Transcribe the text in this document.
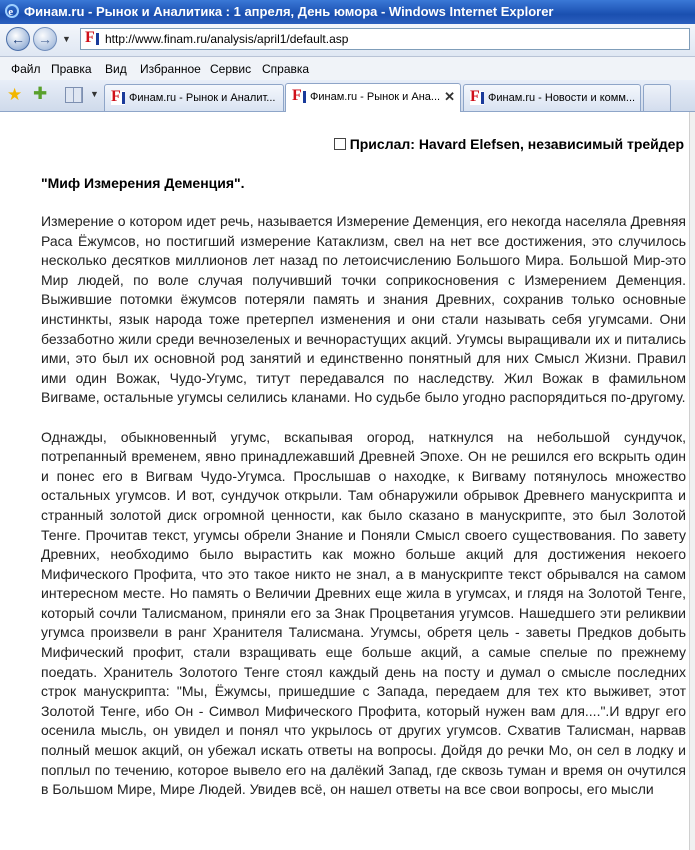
e Финам.ru - Рынок и Аналитика : 1 апреля, День юмора - Windows Internet Explorer
← →	▼ F http://www.finam.ru/analysis/april1/default.asp
Файл Правка Вид Избранное Сервис Справка
★ ✚	▼ F Финам.ru - Рынок и Аналит... F Финам.ru - Рынок и Ана... ✕ F Финам.ru - Новости и комм...
Прислал: Havard Elefsen, независимый трейдер
"Миф Измерения Деменция".

Измерение о котором идет речь, называется Измерение Деменция, его некогда населяла Древняя Раса Ёжумсов, но постигший измерение Катаклизм, свел на нет все достижения, это случилось несколько десятков миллионов лет назад по летоисчислению Большого Мира. Большой Мир-это Мир людей, по воле случая получивший точки соприкосновения с Измерением Деменция. Выжившие потомки ёжумсов потеряли память и знания Древних, сохранив только основные инстинкты, язык народа тоже претерпел изменения и они стали называть себя угумсами. Они беззаботно жили среди вечнозеленых и вечнорастущих акций. Угумсы выращивали их и питались ими, это был их основной род занятий и единственно понятный для них Смысл Жизни. Правил ими один Вожак, Чудо-Угумс, титут передавался по наследству. Жил Вожак в фамильном Вигваме, остальные угумсы селились кланами. Но судьбе было угодно распорядиться по-другому.

Однажды, обыкновенный угумс, вскапывая огород, наткнулся на небольшой сундучок, потрепанный временем, явно принадлежавший Древней Эпохе. Он не решился его вскрыть один и понес его в Вигвам Чудо-Угумса. Прослышав о находке, к Вигваму потянулось множество остальных угумсов. И вот, сундучок открыли. Там обнаружили обрывок Древнего манускрипта и странный золотой диск огромной ценности, как было сказано в манускрипте, это был Золотой Тенге. Прочитав текст, угумсы обрели Знание и Поняли Смысл своего существования. По завету Древних, необходимо было вырастить как можно больше акций для достижения некоего Мифического Профита, что это такое никто не знал, а в манускрипте текст обрывался на самом интересном месте. Но память о Величии Древних еще жила в угумсах, и глядя на Золотой Тенге, который сочли Талисманом, приняли его за Знак Процветания угумсов. Нашедшего эти реликвии угумса произвели в ранг Хранителя Талисмана. Угумсы, обретя цель - заветы Предков добыть Мифический профит, стали взращивать еще больше акций, а самые спелые по прежнему поедать. Хранитель Золотого Тенге стоял каждый день на посту и думал о смысле последних строк манускрипта: "Мы, Ёжумсы, пришедшие с Запада, передаем для тех кто выживет, этот Золотой Тенге, ибо Он - Символ Мифического Профита, который нужен вам для....".И вдруг его осенила мысль, он увидел и понял что укрылось от других угумсов. Схватив Талисман, нарвав полный мешок акций, он убежал искать ответы на вопросы. Дойдя до речки Мо, он сел в лодку и поплыл по течению, которое вывело его на далёкий Запад, где сквозь туман и время он очутился в Большом Мире, Мире Людей. Увидев всё, он нашел ответы на все свои вопросы, его мысли
